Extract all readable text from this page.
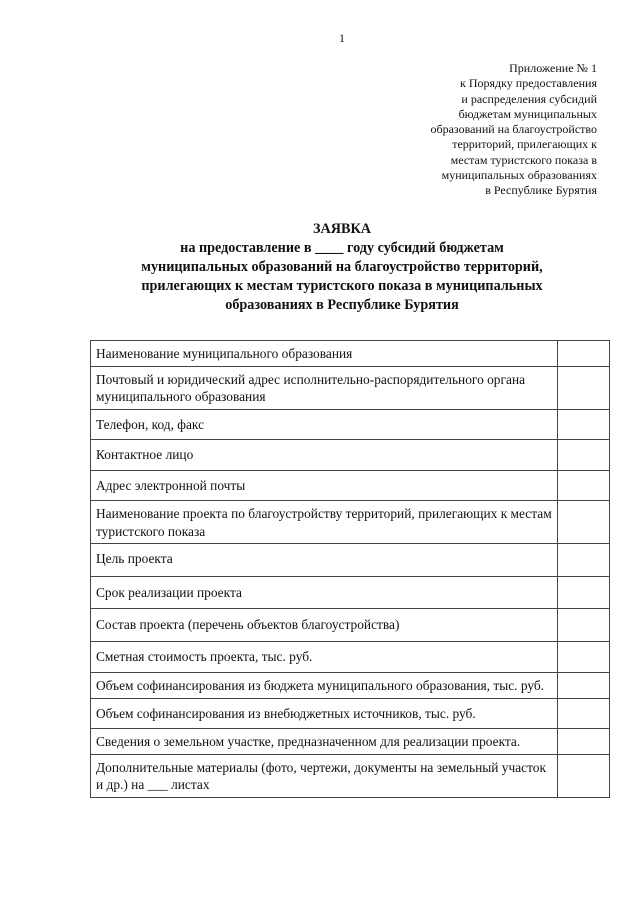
1
Приложение № 1
к Порядку предоставления
и распределения субсидий
бюджетам муниципальных
образований на благоустройство
территорий, прилегающих к
местам туристского показа в
муниципальных образованиях
в Республике Бурятия
ЗАЯВКА
на предоставление в ____ году субсидий бюджетам
муниципальных образований на благоустройство территорий,
прилегающих к местам туристского показа в муниципальных
образованиях в Республике Бурятия
Наименование муниципального образования	
Почтовый и юридический адрес исполнительно-распорядительного органа муниципального образования	
Телефон, код, факс	
Контактное лицо	
Адрес электронной почты	
Наименование проекта по благоустройству территорий, прилегающих к местам туристского показа	
Цель проекта	
Срок реализации проекта	
Состав проекта (перечень объектов благоустройства)	
Сметная стоимость проекта, тыс. руб.	
Объем софинансирования из бюджета муниципального образования, тыс. руб.	
Объем софинансирования из внебюджетных источников, тыс. руб.	
Сведения о земельном участке, предназначенном для реализации проекта.	
Дополнительные материалы (фото, чертежи, документы на земельный участок и др.) на ___ листах	
